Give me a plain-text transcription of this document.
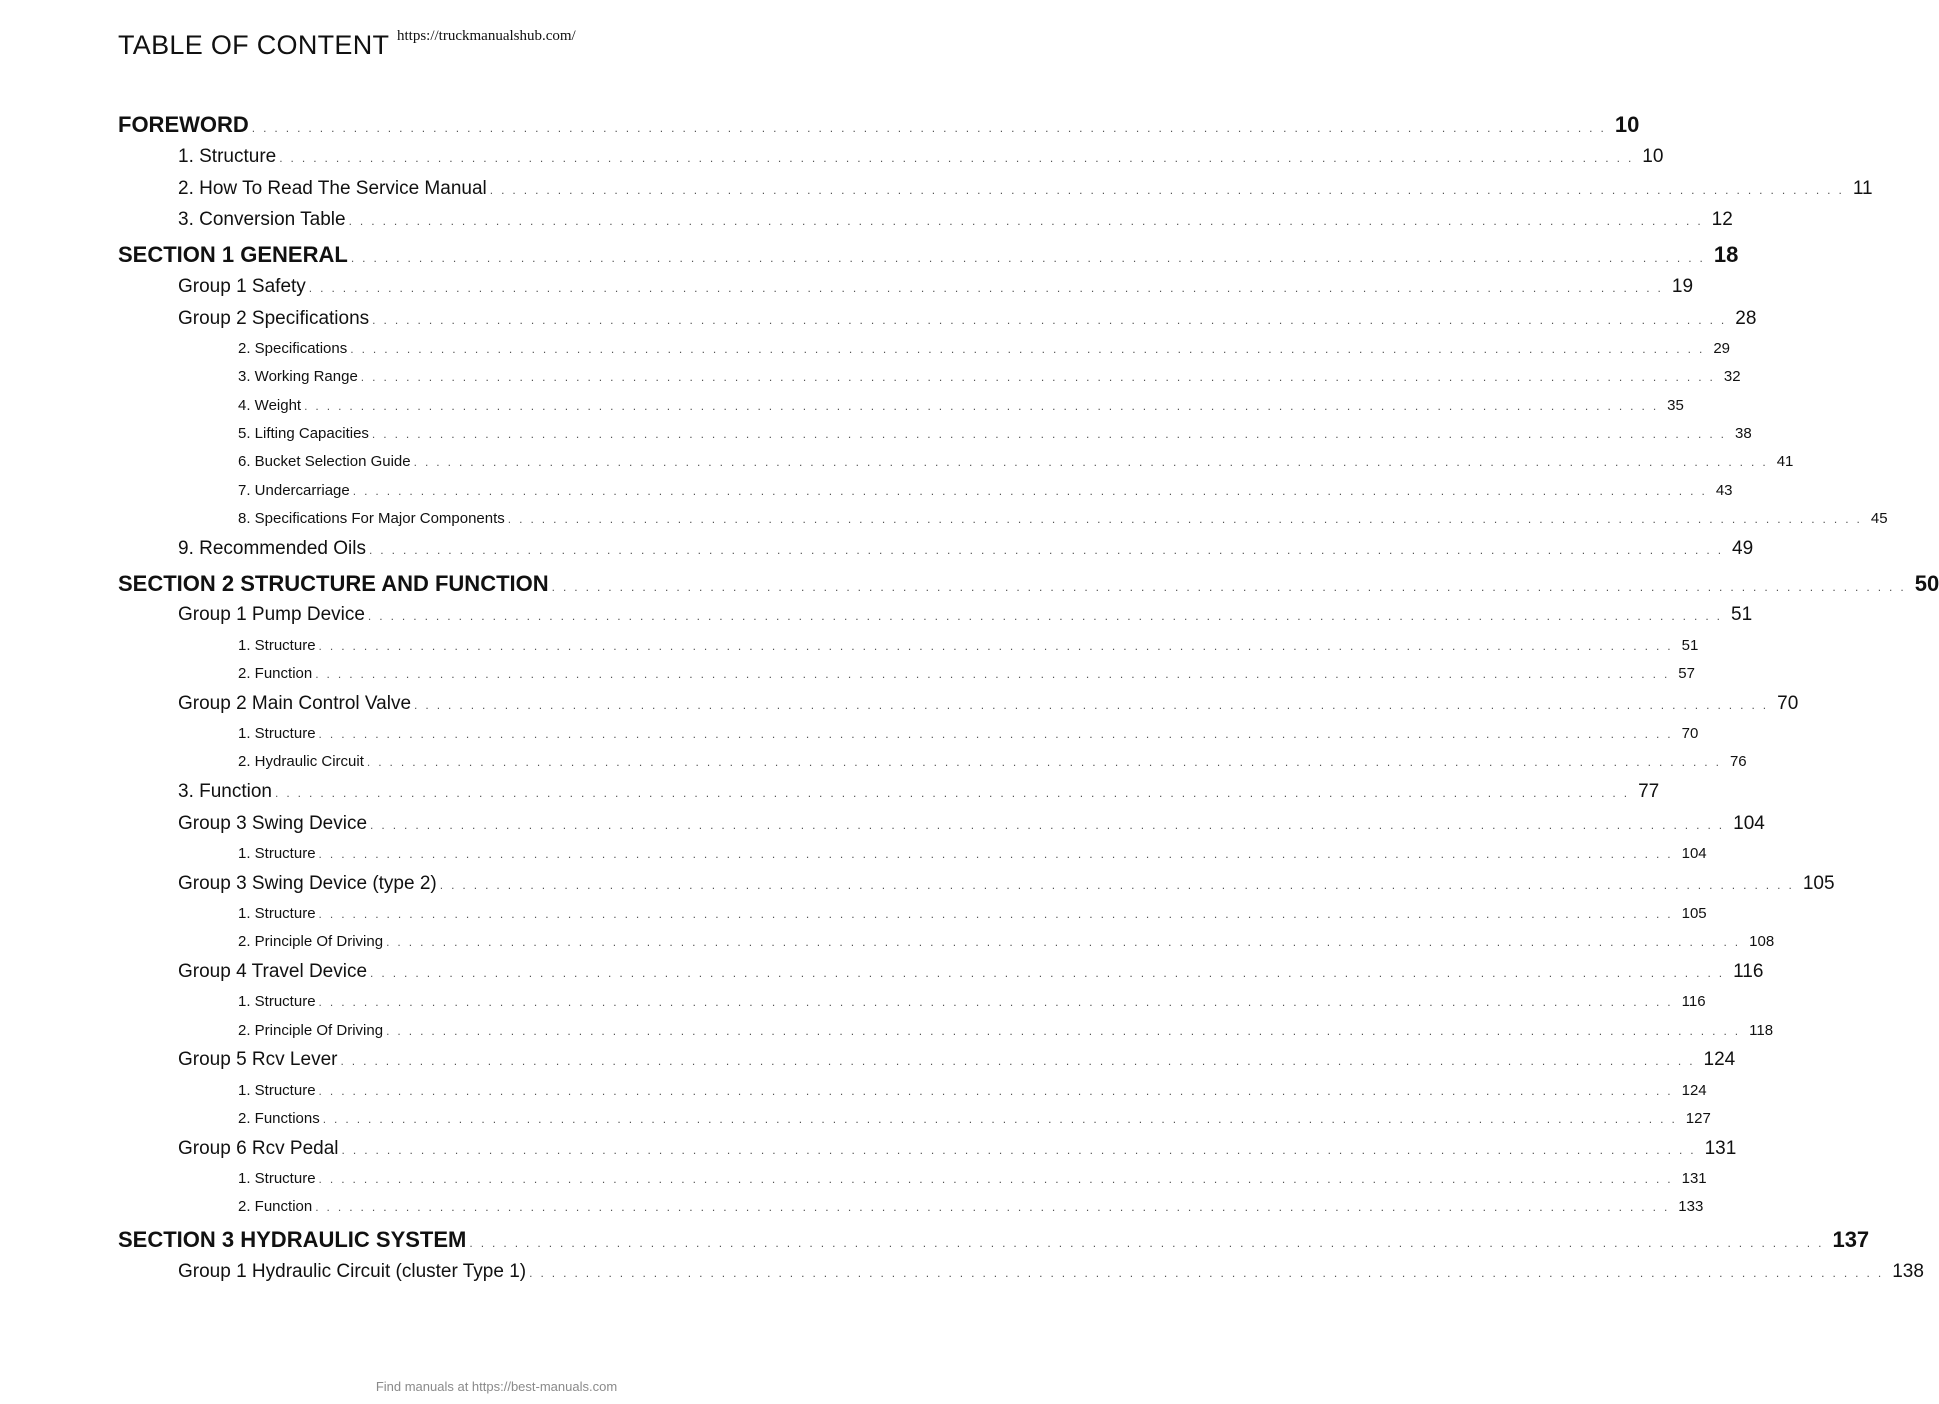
TABLE OF CONTENT https://truckmanualshub.com/
FOREWORD ........................................................................................................................ 10
1. Structure ........................................................................................................................ 10
2. How To Read The Service Manual ........................................................................................................................ 11
3. Conversion Table ........................................................................................................................ 12
SECTION 1 GENERAL ........................................................................................................................ 18
Group 1 Safety ........................................................................................................................ 19
Group 2 Specifications ........................................................................................................................ 28
2. Specifications ........................................................................................................................ 29
3. Working Range ........................................................................................................................ 32
4. Weight ........................................................................................................................ 35
5. Lifting Capacities ........................................................................................................................ 38
6. Bucket Selection Guide ........................................................................................................................ 41
7. Undercarriage ........................................................................................................................ 43
8. Specifications For Major Components ........................................................................................................................ 45
9. Recommended Oils ........................................................................................................................ 49
SECTION 2 STRUCTURE AND FUNCTION ........................................................................................................................ 50
Group 1 Pump Device ........................................................................................................................ 51
1. Structure ........................................................................................................................ 51
2. Function ........................................................................................................................ 57
Group 2 Main Control Valve ........................................................................................................................ 70
1. Structure ........................................................................................................................ 70
2. Hydraulic Circuit ........................................................................................................................ 76
3. Function ........................................................................................................................ 77
Group 3 Swing Device ........................................................................................................................ 104
1. Structure ........................................................................................................................ 104
Group 3 Swing Device (type 2) ........................................................................................................................ 105
1. Structure ........................................................................................................................ 105
2. Principle Of Driving ........................................................................................................................ 108
Group 4 Travel Device ........................................................................................................................ 116
1. Structure ........................................................................................................................ 116
2. Principle Of Driving ........................................................................................................................ 118
Group 5 Rcv Lever ........................................................................................................................ 124
1. Structure ........................................................................................................................ 124
2. Functions ........................................................................................................................ 127
Group 6 Rcv Pedal ........................................................................................................................ 131
1. Structure ........................................................................................................................ 131
2. Function ........................................................................................................................ 133
SECTION 3 HYDRAULIC SYSTEM ........................................................................................................................ 137
Group 1 Hydraulic Circuit (cluster Type 1) ........................................................................................................................ 138
Find manuals at https://best-manuals.com
